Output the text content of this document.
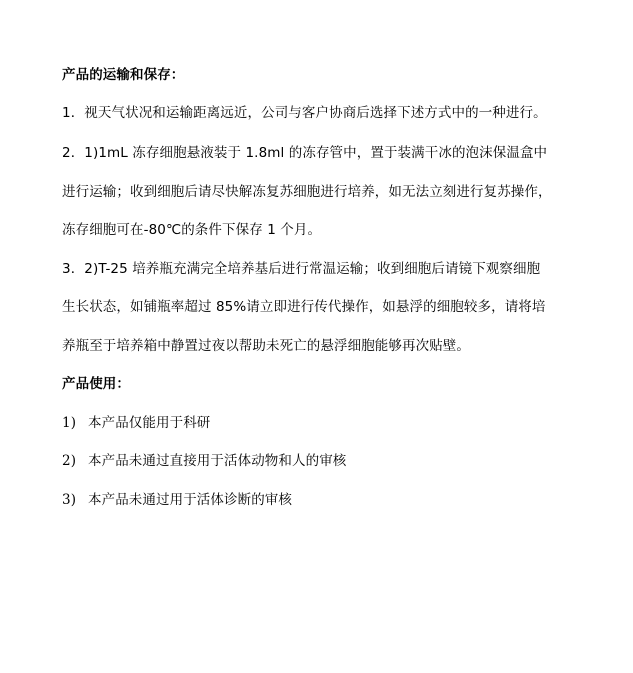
产品的运输和保存：
1．视天气状况和运输距离远近，公司与客户协商后选择下述方式中的一种进行。
2．1)1mL 冻存细胞悬液装于 1.8ml 的冻存管中，置于装满干冰的泡沫保温盒中
进行运输；收到细胞后请尽快解冻复苏细胞进行培养，如无法立刻进行复苏操作，
冻存细胞可在-80℃的条件下保存 1 个月。
3．2)T-25 培养瓶充满完全培养基后进行常温运输；收到细胞后请镜下观察细胞
生长状态，如铺瓶率超过 85%请立即进行传代操作，如悬浮的细胞较多，请将培
养瓶至于培养箱中静置过夜以帮助未死亡的悬浮细胞能够再次贴壁。
产品使用：
1) 本产品仅能用于科研
2) 本产品未通过直接用于活体动物和人的审核
3) 本产品未通过用于活体诊断的审核
